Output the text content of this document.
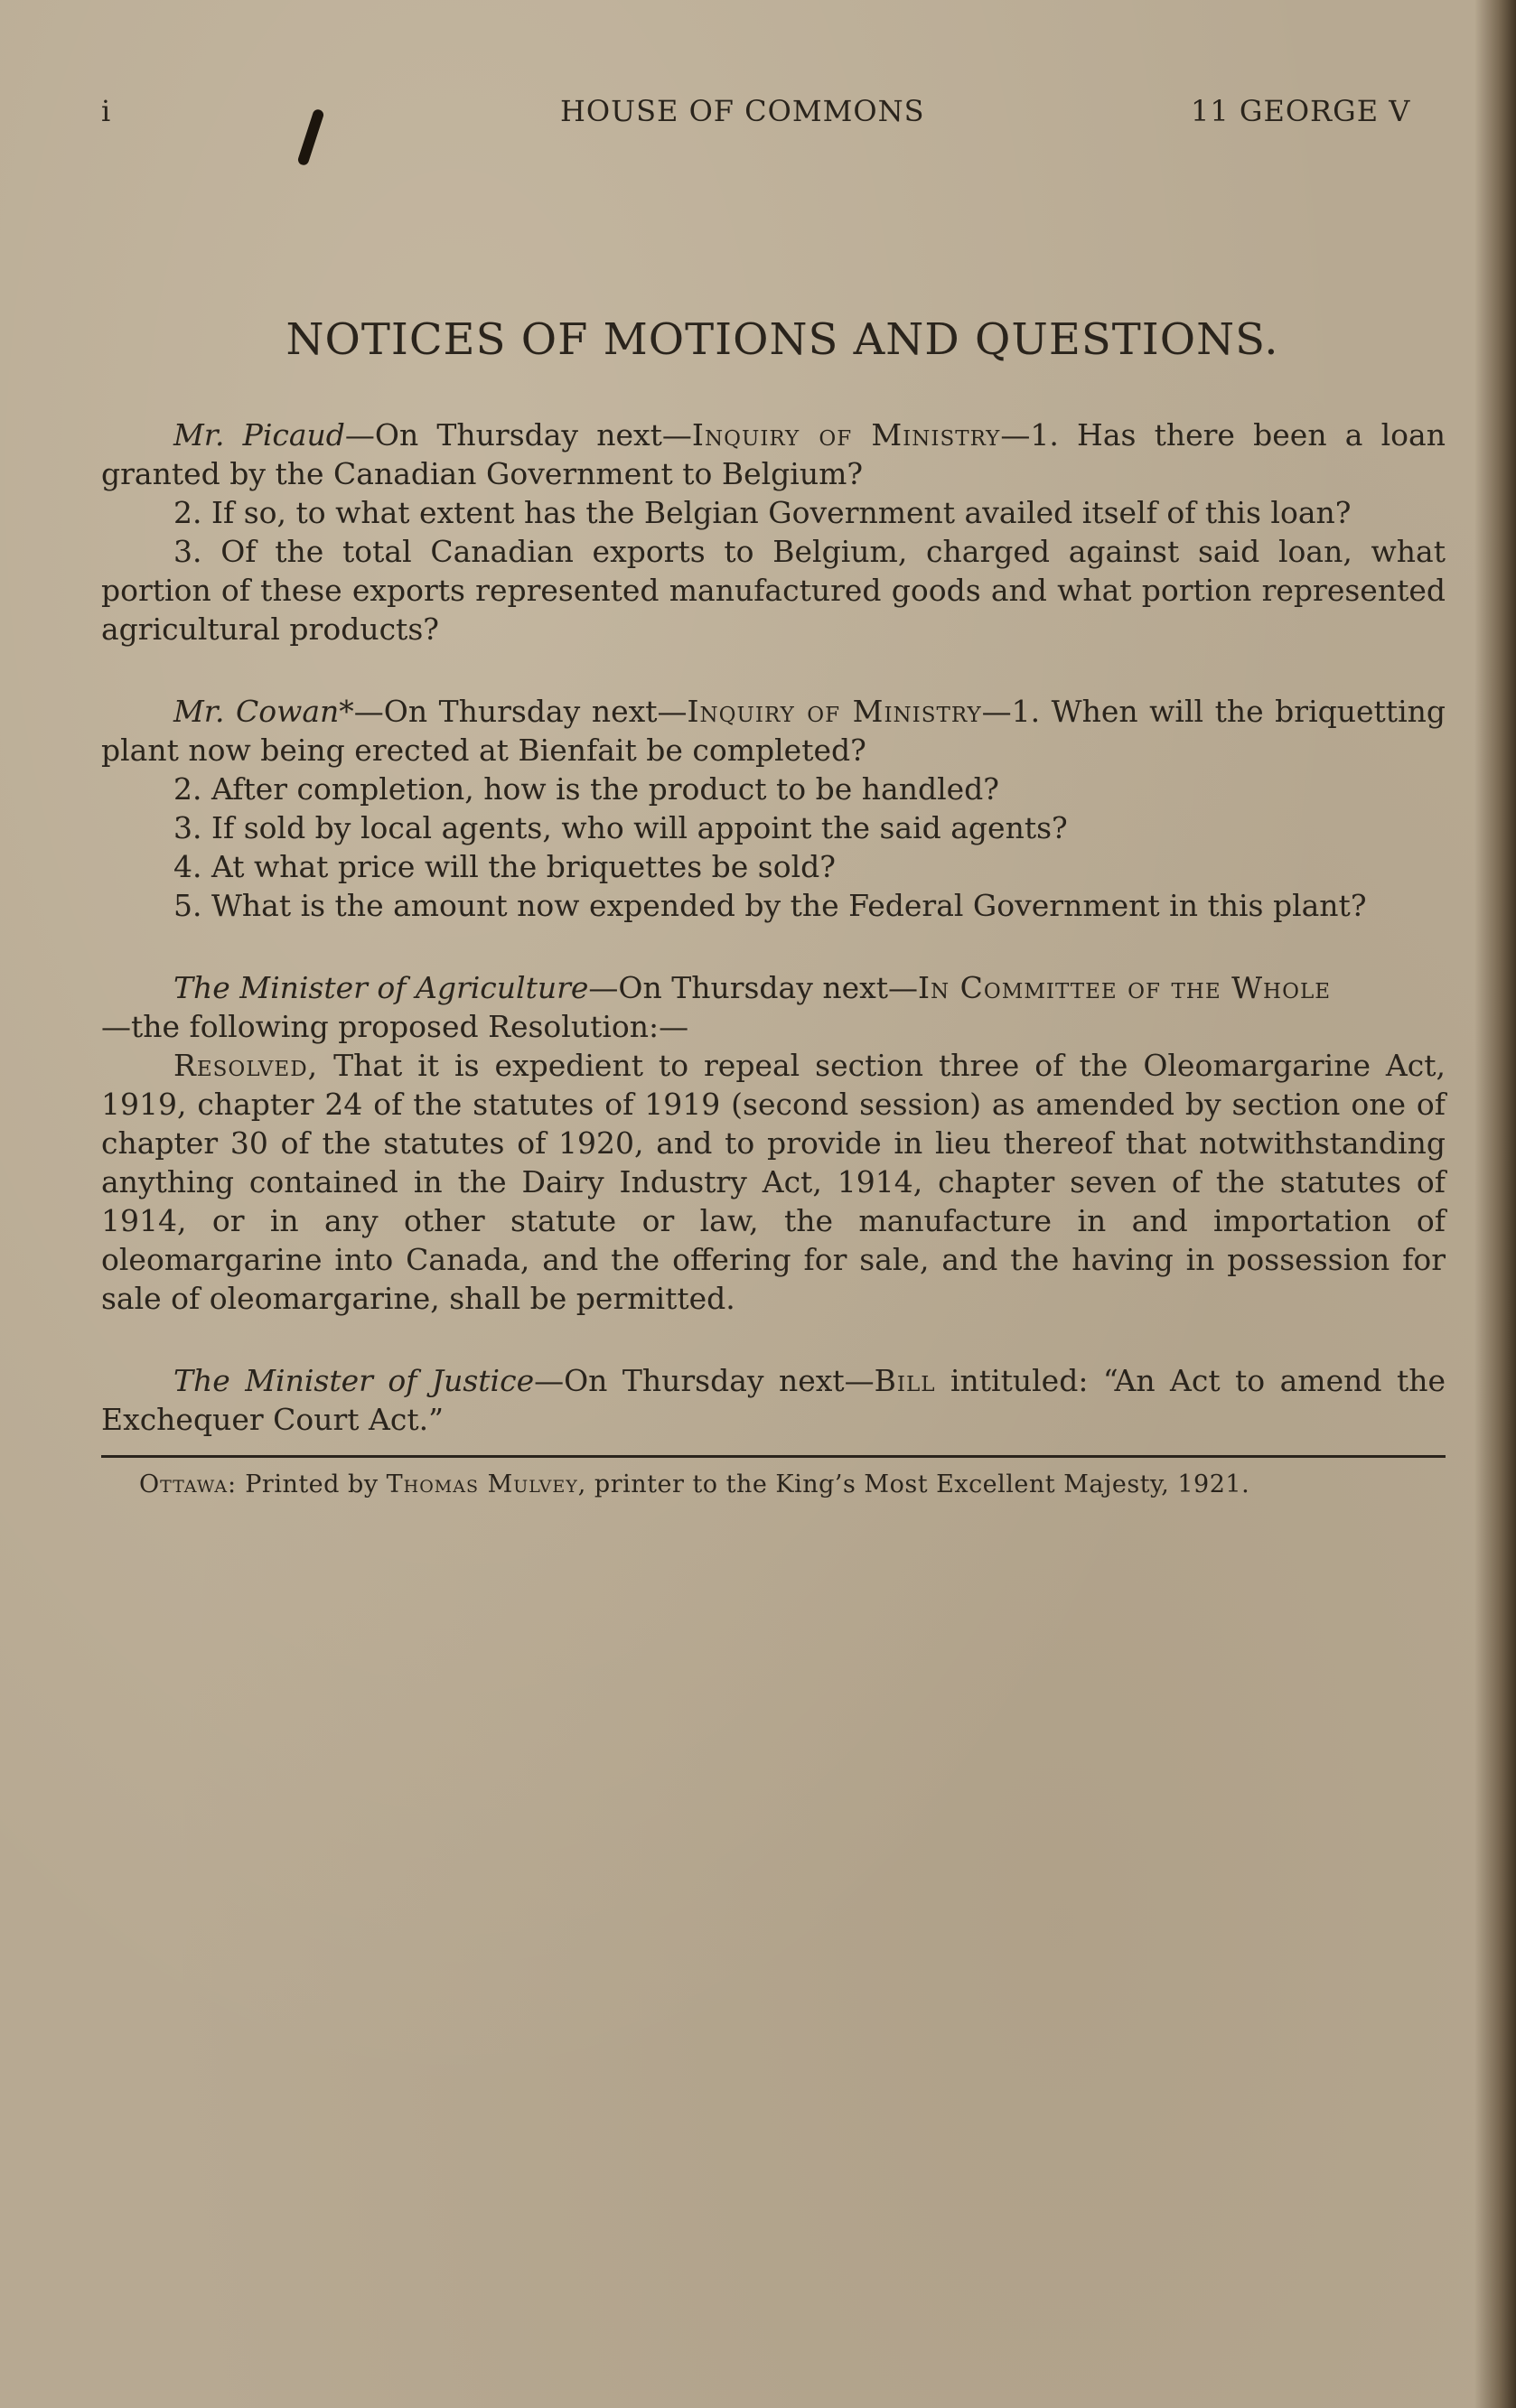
i	HOUSE OF COMMONS	11 GEORGE V
NOTICES OF MOTIONS AND QUESTIONS.

Mr. Picaud—On Thursday next—Inquiry of Ministry—1. Has there been a loan granted by the Canadian Government to Belgium?

2. If so, to what extent has the Belgian Government availed itself of this loan?

3. Of the total Canadian exports to Belgium, charged against said loan, what portion of these exports represented manufactured goods and what portion represented agricultural products?

Mr. Cowan*—On Thursday next—Inquiry of Ministry—1. When will the briquetting plant now being erected at Bienfait be completed?

2. After completion, how is the product to be handled?

3. If sold by local agents, who will appoint the said agents?

4. At what price will the briquettes be sold?

5. What is the amount now expended by the Federal Government in this plant?

The Minister of Agriculture—On Thursday next—In Committee of the Whole

—the following proposed Resolution:—

Resolved, That it is expedient to repeal section three of the Oleomargarine Act, 1919, chapter 24 of the statutes of 1919 (second session) as amended by section one of chapter 30 of the statutes of 1920, and to provide in lieu thereof that notwithstanding anything contained in the Dairy Industry Act, 1914, chapter seven of the statutes of 1914, or in any other statute or law, the manufacture in and importation of oleomargarine into Canada, and the offering for sale, and the having in possession for sale of oleomargarine, shall be permitted.

The Minister of Justice—On Thursday next—Bill intituled: “An Act to amend the Exchequer Court Act.”

Ottawa: Printed by Thomas Mulvey, printer to the King’s Most Excellent Majesty, 1921.
